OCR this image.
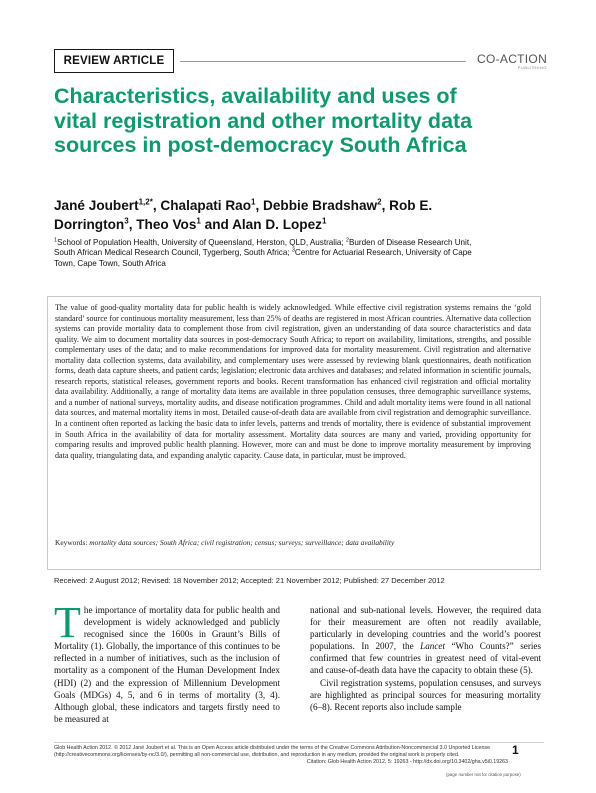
REVIEW ARTICLE	CO-ACTION
PUBLISHING
Characteristics, availability and uses of vital registration and other mortality data sources in post-democracy South Africa

Jané Joubert$^{1,2*}$, Chalapati Rao$^1$, Debbie Bradshaw$^2$, Rob E. Dorrington$^3$, Theo Vos$^1$ and Alan D. Lopez$^1$

$^1$School of Population Health, University of Queensland, Herston, QLD, Australia; $^2$Burden of Disease Research Unit, South African Medical Research Council, Tygerberg, South Africa; $^3$Centre for Actuarial Research, University of Cape Town, Cape Town, South Africa

The value of good-quality mortality data for public health is widely acknowledged. While effective civil registration systems remains the ‘gold standard’ source for continuous mortality measurement, less than 25% of deaths are registered in most African countries. Alternative data collection systems can provide mortality data to complement those from civil registration, given an understanding of data source characteristics and data quality. We aim to document mortality data sources in post-democracy South Africa; to report on availability, limitations, strengths, and possible complementary uses of the data; and to make recommendations for improved data for mortality measurement. Civil registration and alternative mortality data collection systems, data availability, and complementary uses were assessed by reviewing blank questionnaires, death notification forms, death data capture sheets, and patient cards; legislation; electronic data archives and databases; and related information in scientific journals, research reports, statistical releases, government reports and books. Recent transformation has enhanced civil registration and official mortality data availability. Additionally, a range of mortality data items are available in three population censuses, three demographic surveillance systems, and a number of national surveys, mortality audits, and disease notification programmes. Child and adult mortality items were found in all national data sources, and maternal mortality items in most. Detailed cause-of-death data are available from civil registration and demographic surveillance. In a continent often reported as lacking the basic data to infer levels, patterns and trends of mortality, there is evidence of substantial improvement in South Africa in the availability of data for mortality assessment. Mortality data sources are many and varied, providing opportunity for comparing results and improved public health planning. However, more can and must be done to improve mortality measurement by improving data quality, triangulating data, and expanding analytic capacity. Cause data, in particular, must be improved.

Keywords: mortality data sources; South Africa; civil registration; census; surveys; surveillance; data availability

Received: 2 August 2012; Revised: 18 November 2012; Accepted: 21 November 2012; Published: 27 December 2012

The importance of mortality data for public health and development is widely acknowledged and publicly recognised since the 1600s in Graunt’s Bills of Mortality (1). Globally, the importance of this continues to be reflected in a number of initiatives, such as the inclusion of mortality as a component of the Human Development Index (HDI) (2) and the expression of Millennium Development Goals (MDGs) 4, 5, and 6 in terms of mortality (3, 4). Although global, these indicators and targets firstly need to be measured at

national and sub-national levels. However, the required data for their measurement are often not readily available, particularly in developing countries and the world’s poorest populations. In 2007, the Lancet “Who Counts?” series confirmed that few countries in greatest need of vital-event and cause-of-death data have the capacity to obtain these (5).

Civil registration systems, population censuses, and surveys are highlighted as principal sources for measuring mortality (6–8). Recent reports also include sample

Glob Health Action 2012. © 2012 Jané Joubert et al. This is an Open Access article distributed under the terms of the Creative Commons Attribution-Noncommercial 3.0 Unported License (http://creativecommons.org/licenses/by-nc/3.0/), permitting all non-commercial use, distribution, and reproduction in any medium, provided the original work is properly cited.
Citation: Glob Health Action 2012, 5: 19263 - http://dx.doi.org/10.3402/gha.v5i0.19263

1
(page number not for citation purpose)
